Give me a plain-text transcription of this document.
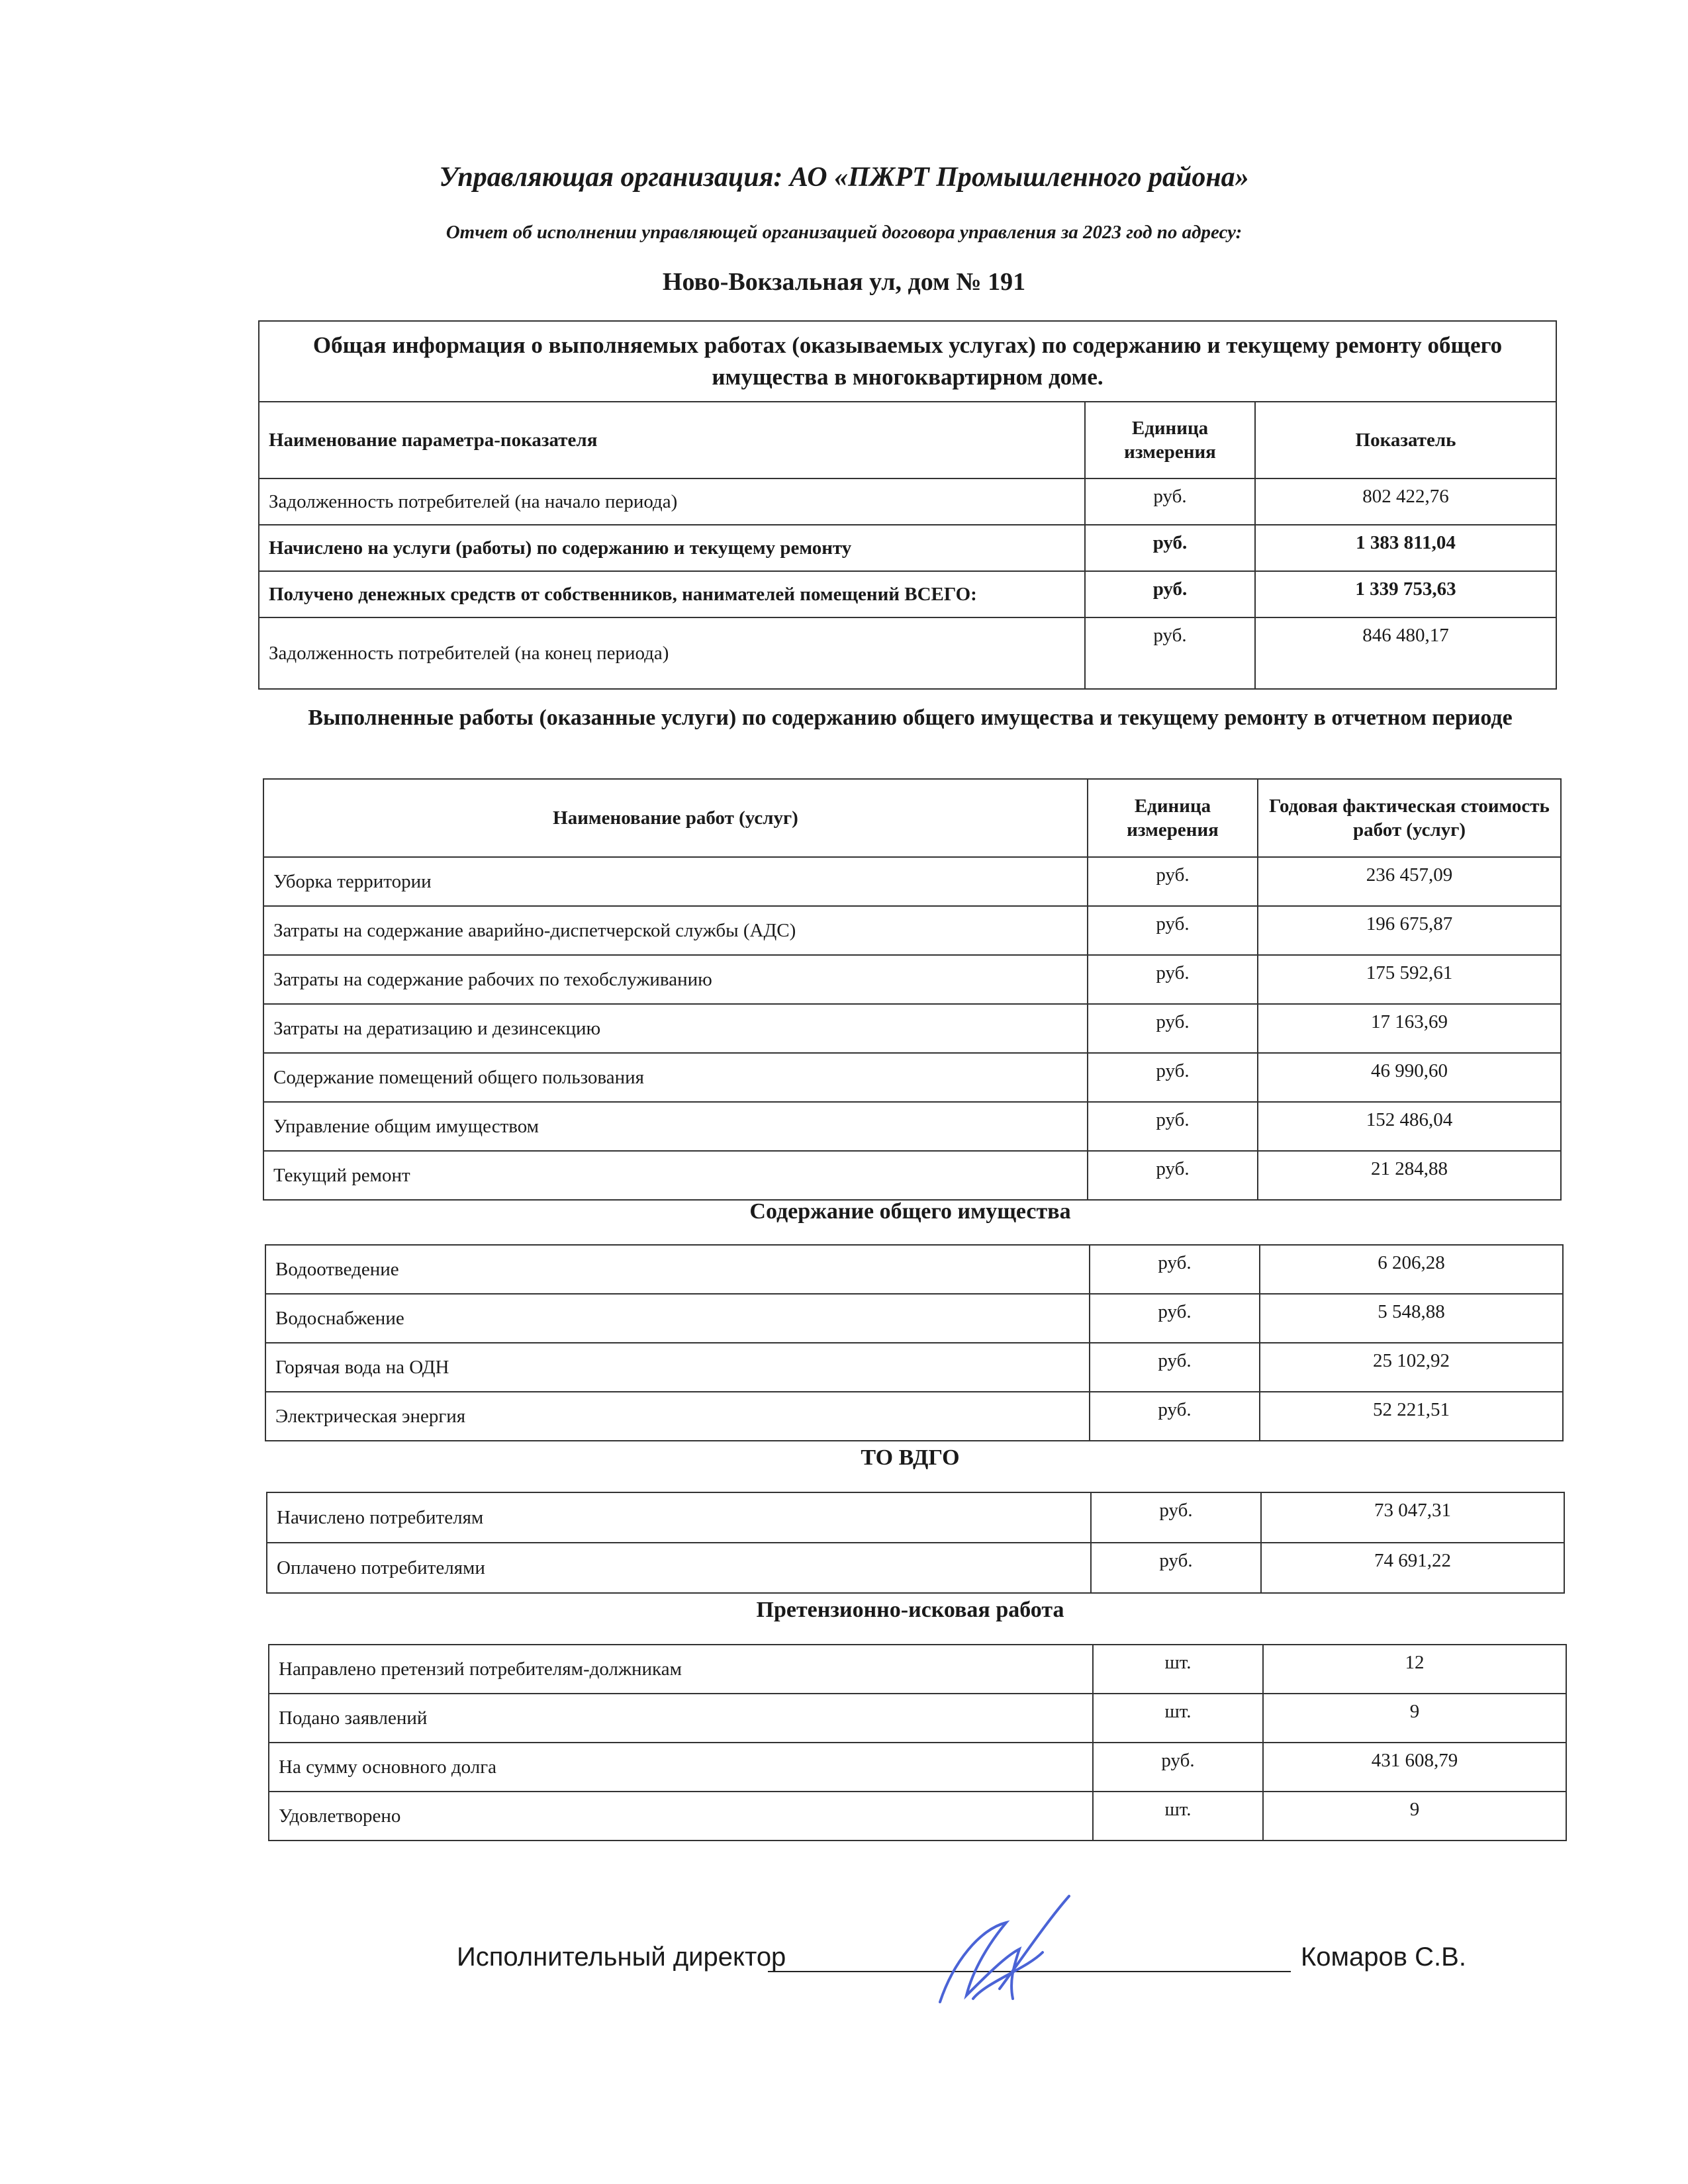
Управляющая организация: АО «ПЖРТ Промышленного района»
Отчет об исполнении управляющей организацией договора управления за 2023 год по адресу:
Ново-Вокзальная ул, дом № 191
Общая информация о выполняемых работах (оказываемых услугах) по содержанию и текущему ремонту общего имущества в многоквартирном доме.		
Наименование параметра-показателя	Единица измерения	Показатель
Задолженность потребителей (на начало периода)	руб.	802 422,76
Начислено на услуги (работы) по содержанию и текущему ремонту	руб.	1 383 811,04
Получено денежных средств от собственников, нанимателей помещений ВСЕГО:	руб.	1 339 753,63
Задолженность потребителей (на конец периода)	руб.	846 480,17
Выполненные работы (оказанные услуги) по содержанию общего имущества и текущему ремонту в отчетном периоде
Наименование работ (услуг)	Единица измерения	Годовая фактическая стоимость работ (услуг)
Уборка территории	руб.	236 457,09
Затраты на содержание аварийно-диспетчерской службы (АДС)	руб.	196 675,87
Затраты на содержание рабочих по техобслуживанию	руб.	175 592,61
Затраты на дератизацию и дезинсекцию	руб.	17 163,69
Содержание помещений общего пользования	руб.	46 990,60
Управление общим имуществом	руб.	152 486,04
Текущий ремонт	руб.	21 284,88
Содержание общего имущества
Водоотведение	руб.	6 206,28
Водоснабжение	руб.	5 548,88
Горячая вода на ОДН	руб.	25 102,92
Электрическая энергия	руб.	52 221,51
ТО ВДГО
Начислено потребителям	руб.	73 047,31
Оплачено потребителями	руб.	74 691,22
Претензионно-исковая работа
Направлено претензий потребителям-должникам	шт.	12
Подано заявлений	шт.	9
На сумму основного долга	руб.	431 608,79
Удовлетворено	шт.	9
Исполнительный директор	Комаров С.В.
